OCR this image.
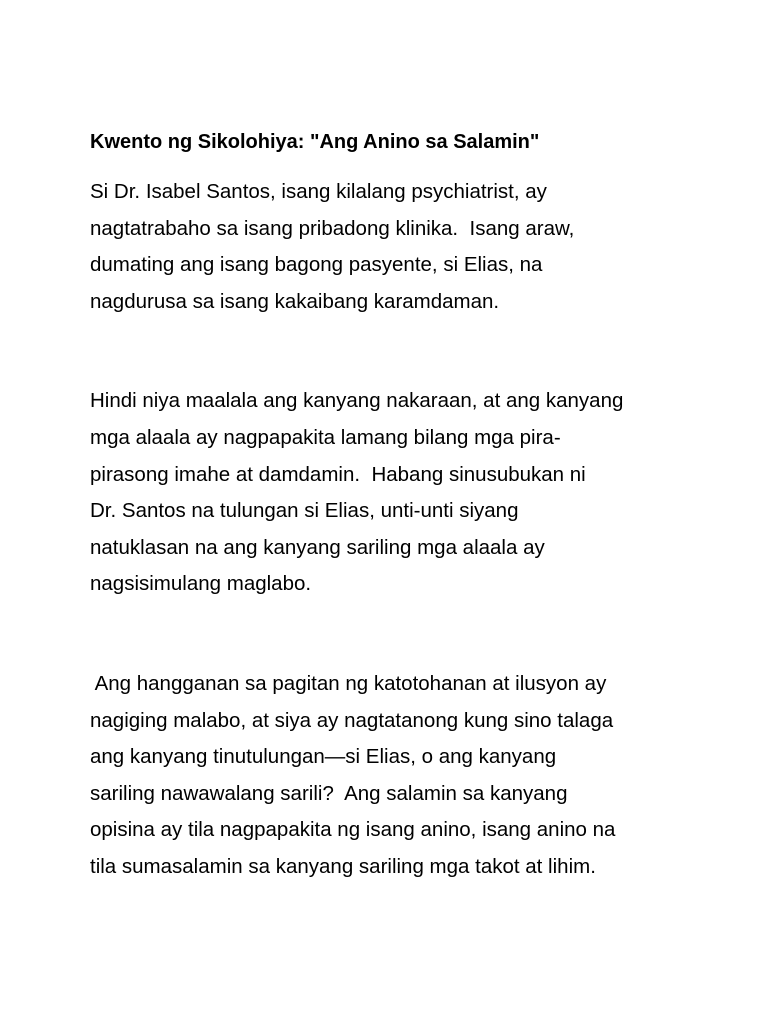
Kwento ng Sikolohiya: "Ang Anino sa Salamin"
Si Dr. Isabel Santos, isang kilalang psychiatrist, ay
nagtatrabaho sa isang pribadong klinika.  Isang araw,
dumating ang isang bagong pasyente, si Elias, na
nagdurusa sa isang kakaibang karamdaman.
Hindi niya maalala ang kanyang nakaraan, at ang kanyang
mga alaala ay nagpapakita lamang bilang mga pira-
pirasong imahe at damdamin.  Habang sinusubukan ni
Dr. Santos na tulungan si Elias, unti-unti siyang
natuklasan na ang kanyang sariling mga alaala ay
nagsisimulang maglabo.
Ang hangganan sa pagitan ng katotohanan at ilusyon ay
nagiging malabo, at siya ay nagtatanong kung sino talaga
ang kanyang tinutulungan—si Elias, o ang kanyang
sariling nawawalang sarili?  Ang salamin sa kanyang
opisina ay tila nagpapakita ng isang anino, isang anino na
tila sumasalamin sa kanyang sariling mga takot at lihim.
